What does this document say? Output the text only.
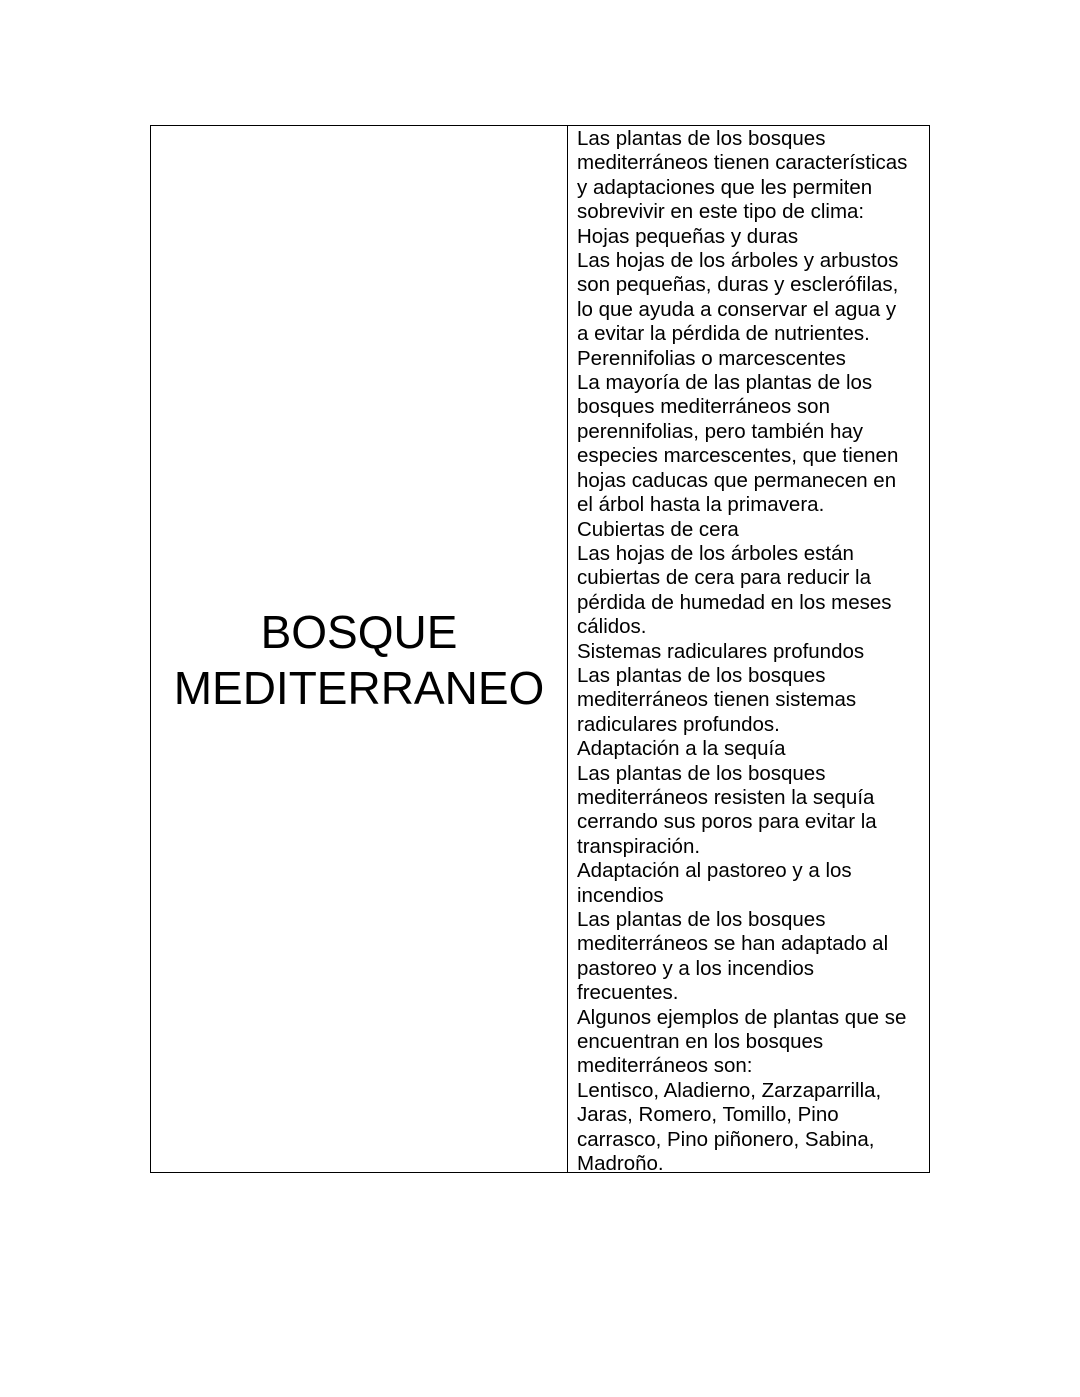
BOSQUE
MEDITERRANEO

Las plantas de los bosques
mediterráneos tienen características
y adaptaciones que les permiten
sobrevivir en este tipo de clima:
Hojas pequeñas y duras
Las hojas de los árboles y arbustos
son pequeñas, duras y esclerófilas,
lo que ayuda a conservar el agua y
a evitar la pérdida de nutrientes.
Perennifolias o marcescentes
La mayoría de las plantas de los
bosques mediterráneos son
perennifolias, pero también hay
especies marcescentes, que tienen
hojas caducas que permanecen en
el árbol hasta la primavera.
Cubiertas de cera
Las hojas de los árboles están
cubiertas de cera para reducir la
pérdida de humedad en los meses
cálidos.
Sistemas radiculares profundos
Las plantas de los bosques
mediterráneos tienen sistemas
radiculares profundos.
Adaptación a la sequía
Las plantas de los bosques
mediterráneos resisten la sequía
cerrando sus poros para evitar la
transpiración.
Adaptación al pastoreo y a los
incendios
Las plantas de los bosques
mediterráneos se han adaptado al
pastoreo y a los incendios
frecuentes.
Algunos ejemplos de plantas que se
encuentran en los bosques
mediterráneos son:
Lentisco, Aladierno, Zarzaparrilla,
Jaras, Romero, Tomillo, Pino
carrasco, Pino piñonero, Sabina,
Madroño.
